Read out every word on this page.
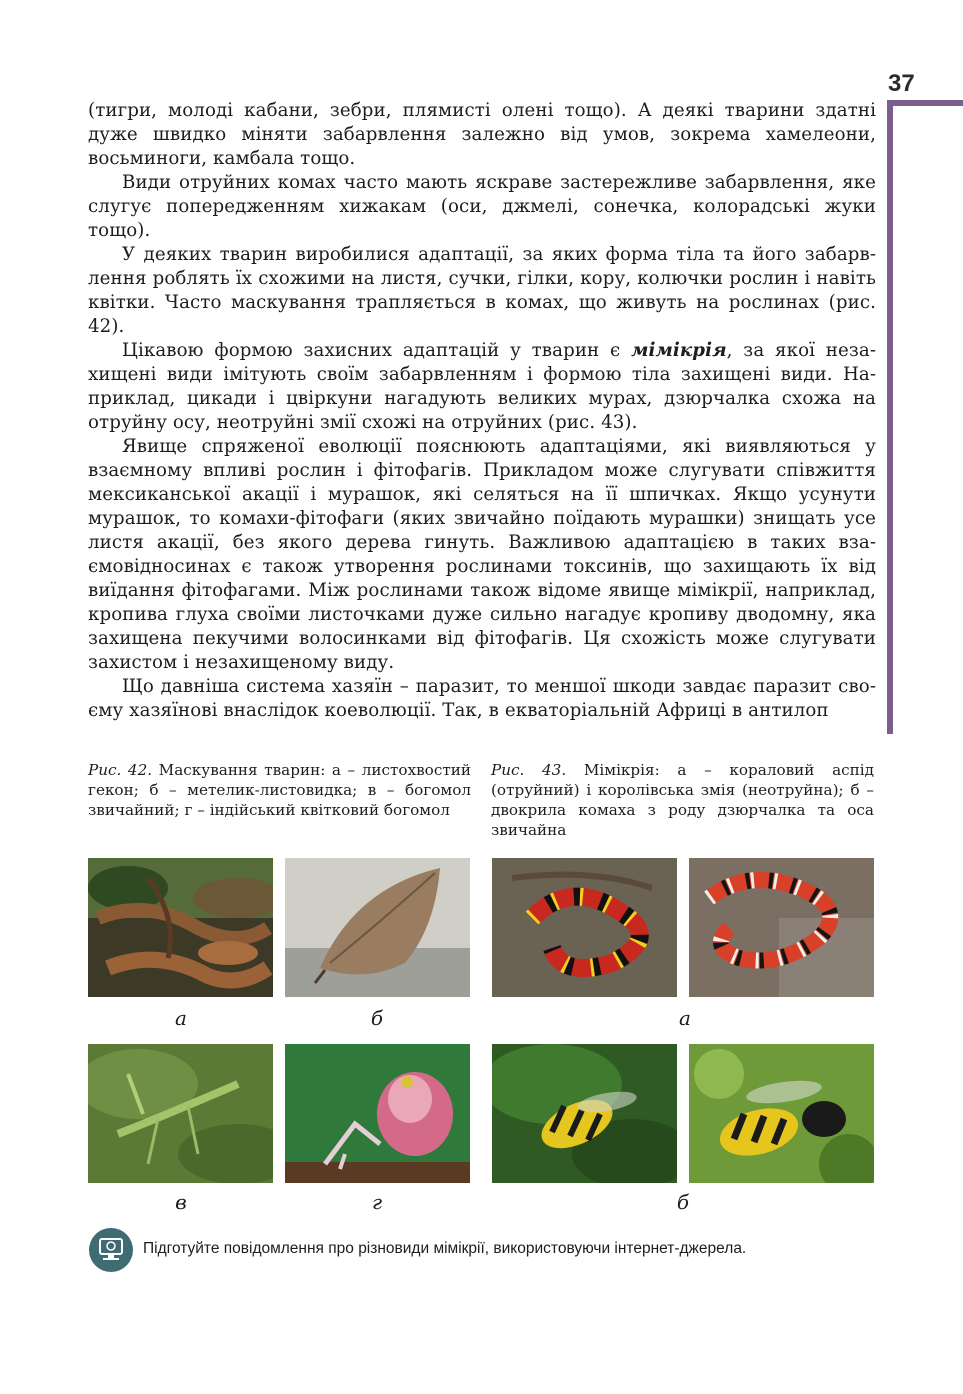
37

(тигри, молоді кабани, зебри, плямисті олені тощо). А деякі тварини здатні дуже швидко міняти забарвлення залежно від умов, зокрема хамелеони, восьминоги, камбала тощо.

Види отруйних комах часто мають яскраве застережливе забарвлення, яке слугує попередженням хижакам (оси, джмелі, сонечка, колорадські жуки тощо).

У деяких тварин виробилися адаптації, за яких форма тіла та його забарвлення роблять їх схожими на листя, сучки, гілки, кору, колючки рослин і навіть квітки. Часто маскування трапляється в комах, що живуть на рослинах (рис. 42).

Цікавою формою захисних адаптацій у тварин є мімікрія, за якої незахищені види імітують своїм забарвленням і формою тіла захищені види. Наприклад, цикади і цвіркуни нагадують великих мурах, дзюрчалка схожа на отруйну осу, неотруйні змії схожі на отруйних (рис. 43).

Явище спряженої еволюції пояснюють адаптаціями, які виявляються у взаємному впливі рослин і фітофагів. Прикладом може слугувати співжиття мексиканської акації і мурашок, які селяться на її шпичках. Якщо усунути мурашок, то комахи-фітофаги (яких звичайно поїдають мурашки) знищать усе листя акації, без якого дерева гинуть. Важливою адаптацією в таких взаємовідносинах є також утворення рослинами токсинів, що захищають їх від виїдання фітофагами. Між рослинами також відоме явище мімікрії, наприклад, кропива глуха своїми листочками дуже сильно нагадує кропиву дводомну, яка захищена пекучими волосинками від фітофагів. Ця схожість може слугувати захистом і незахищеному виду.

Що давніша система хазяїн – паразит, то меншої шкоди завдає паразит своєму хазяїнові внаслідок коеволюції. Так, в екваторіальній Африці в антилоп

Рис. 42. Маскування тварин: а – листохвостий гекон; б – метелик-листовидка; в – богомол звичайний; г – індійський квітковий богомол
Рис. 43. Мімікрія: а – кораловий аспід (отруйний) і королівська змія (неотруйна); б – двокрила комаха з роду дзюрчалка та оса звичайна
а	б
в	г
а
б
Підготуйте повідомлення про різновиди мімікрії, використовуючи інтернет-джерела.
